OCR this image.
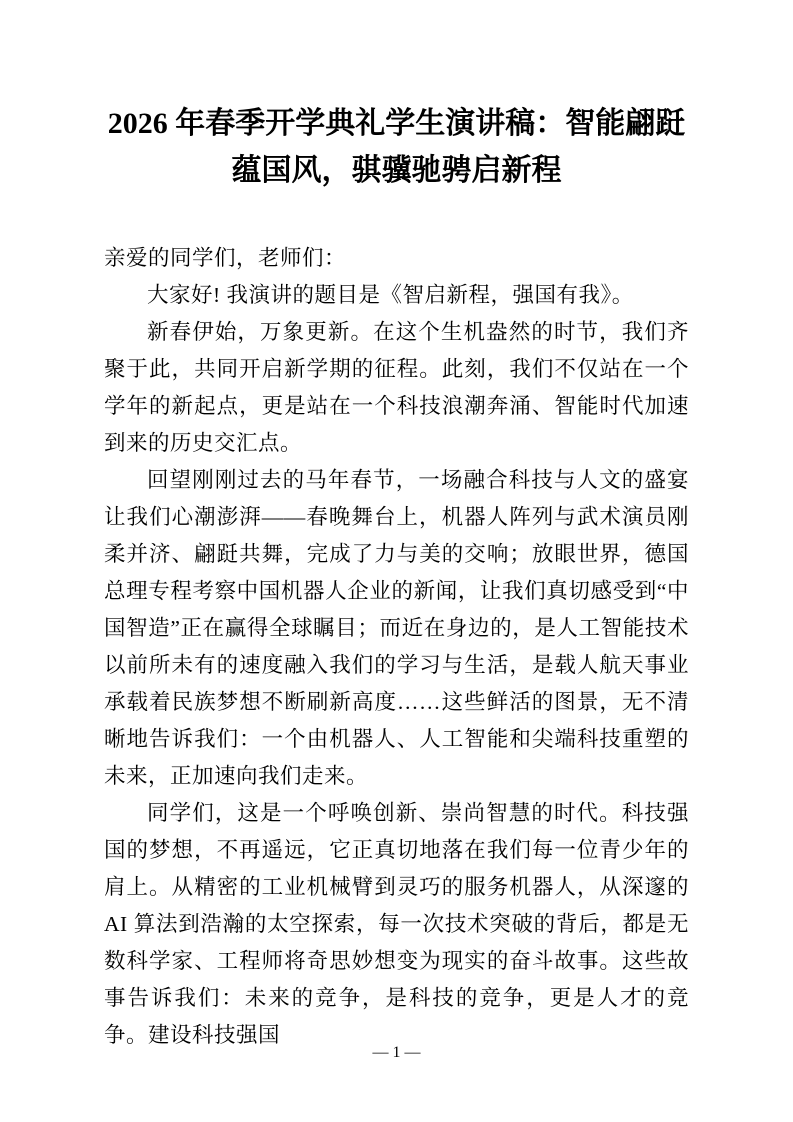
2026 年春季开学典礼学生演讲稿：智能翩跹蕴国风，骐骥驰骋启新程

亲爱的同学们，老师们：

大家好! 我演讲的题目是《智启新程，强国有我》。

新春伊始，万象更新。在这个生机盎然的时节，我们齐聚于此，共同开启新学期的征程。此刻，我们不仅站在一个学年的新起点，更是站在一个科技浪潮奔涌、智能时代加速到来的历史交汇点。

回望刚刚过去的马年春节，一场融合科技与人文的盛宴让我们心潮澎湃——春晚舞台上，机器人阵列与武术演员刚柔并济、翩跹共舞，完成了力与美的交响；放眼世界，德国总理专程考察中国机器人企业的新闻，让我们真切感受到“中国智造”正在赢得全球瞩目；而近在身边的，是人工智能技术以前所未有的速度融入我们的学习与生活，是载人航天事业承载着民族梦想不断刷新高度……这些鲜活的图景，无不清晰地告诉我们：一个由机器人、人工智能和尖端科技重塑的未来，正加速向我们走来。

同学们，这是一个呼唤创新、崇尚智慧的时代。科技强国的梦想，不再遥远，它正真切地落在我们每一位青少年的肩上。从精密的工业机械臂到灵巧的服务机器人，从深邃的 AI 算法到浩瀚的太空探索，每一次技术突破的背后，都是无数科学家、工程师将奇思妙想变为现实的奋斗故事。这些故事告诉我们：未来的竞争，是科技的竞争，更是人才的竞争。建设科技强国

— 1 —
